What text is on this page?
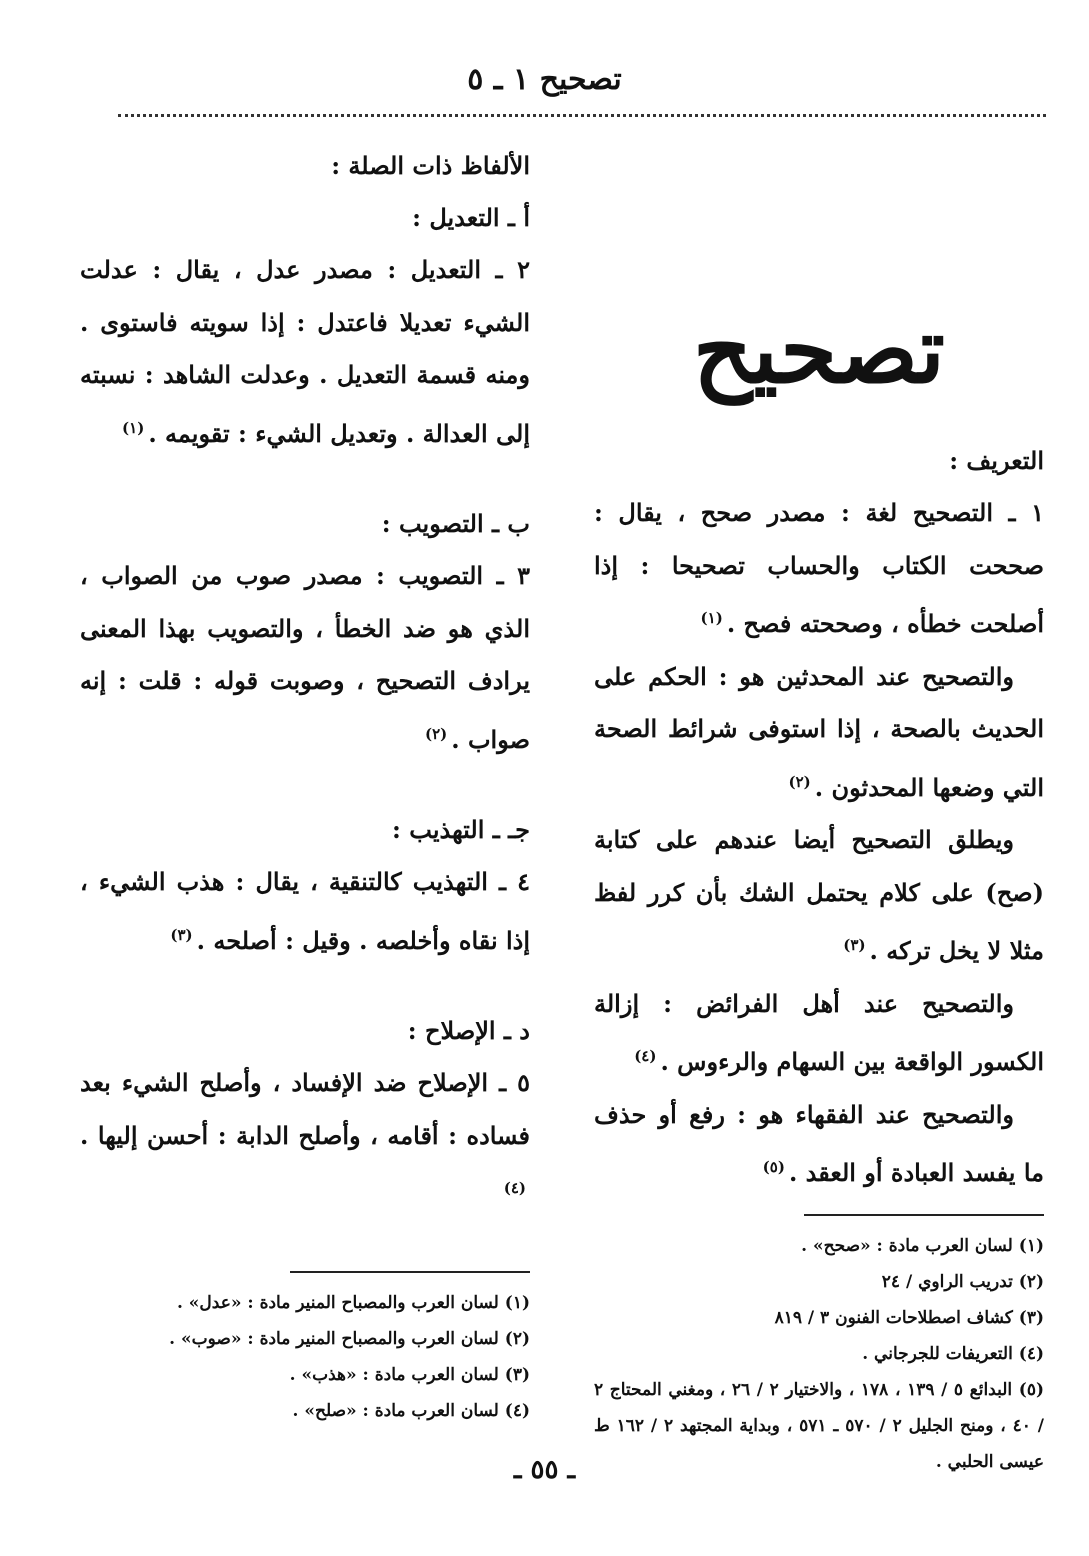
تصحيح ١ ـ ٥
تصحيح

التعريف :

١ ـ التصحيح لغة : مصدر صحح ، يقال : صححت الكتاب والحساب تصحيحا : إذا أصلحت خطأه ، وصححته فصح .$^{(١)}$

والتصحيح عند المحدثين هو : الحكم على الحديث بالصحة ، إذا استوفى شرائط الصحة التي وضعها المحدثون .$^{(٢)}$

ويطلق التصحيح أيضا عندهم على كتابة (صح) على كلام يحتمل الشك بأن كرر لفظ مثلا لا يخل تركه .$^{(٣)}$

والتصحيح عند أهل الفرائض : إزالة الكسور الواقعة بين السهام والرءوس .$^{(٤)}$

والتصحيح عند الفقهاء هو : رفع أو حذف ما يفسد العبادة أو العقد .$^{(٥)}$

(١) لسان العرب مادة : «صحح» .

(٢) تدريب الراوي / ٢٤

(٣) كشاف اصطلاحات الفنون ٣ / ٨١٩

(٤) التعريفات للجرجاني .

(٥) البدائع ٥ / ١٣٩ ، ١٧٨ ، والاختيار ٢ / ٢٦ ، ومغني المحتاج ٢ / ٤٠ ، ومنح الجليل ٢ / ٥٧٠ ـ ٥٧١ ، وبداية المجتهد ٢ / ١٦٢ ط عيسى الحلبي .

الألفاظ ذات الصلة :

أ ـ التعديل :

٢ ـ التعديل : مصدر عدل ، يقال : عدلت الشيء تعديلا فاعتدل : إذا سويته فاستوى . ومنه قسمة التعديل . وعدلت الشاهد : نسبته إلى العدالة . وتعديل الشيء : تقويمه .$^{(١)}$

ب ـ التصويب :

٣ ـ التصويب : مصدر صوب من الصواب ، الذي هو ضد الخطأ ، والتصويب بهذا المعنى يرادف التصحيح ، وصوبت قوله : قلت : إنه صواب .$^{(٢)}$

جـ ـ التهذيب :

٤ ـ التهذيب كالتنقية ، يقال : هذب الشيء ، إذا نقاه وأخلصه . وقيل : أصلحه .$^{(٣)}$

د ـ الإصلاح :

٥ ـ الإصلاح ضد الإفساد ، وأصلح الشيء بعد فساده : أقامه ، وأصلح الدابة : أحسن إليها .$^{(٤)}$

(١) لسان العرب والمصباح المنير مادة : «عدل» .

(٢) لسان العرب والمصباح المنير مادة : «صوب» .

(٣) لسان العرب مادة : «هذب» .

(٤) لسان العرب مادة : «صلح» .

ـ ٥٥ ـ
